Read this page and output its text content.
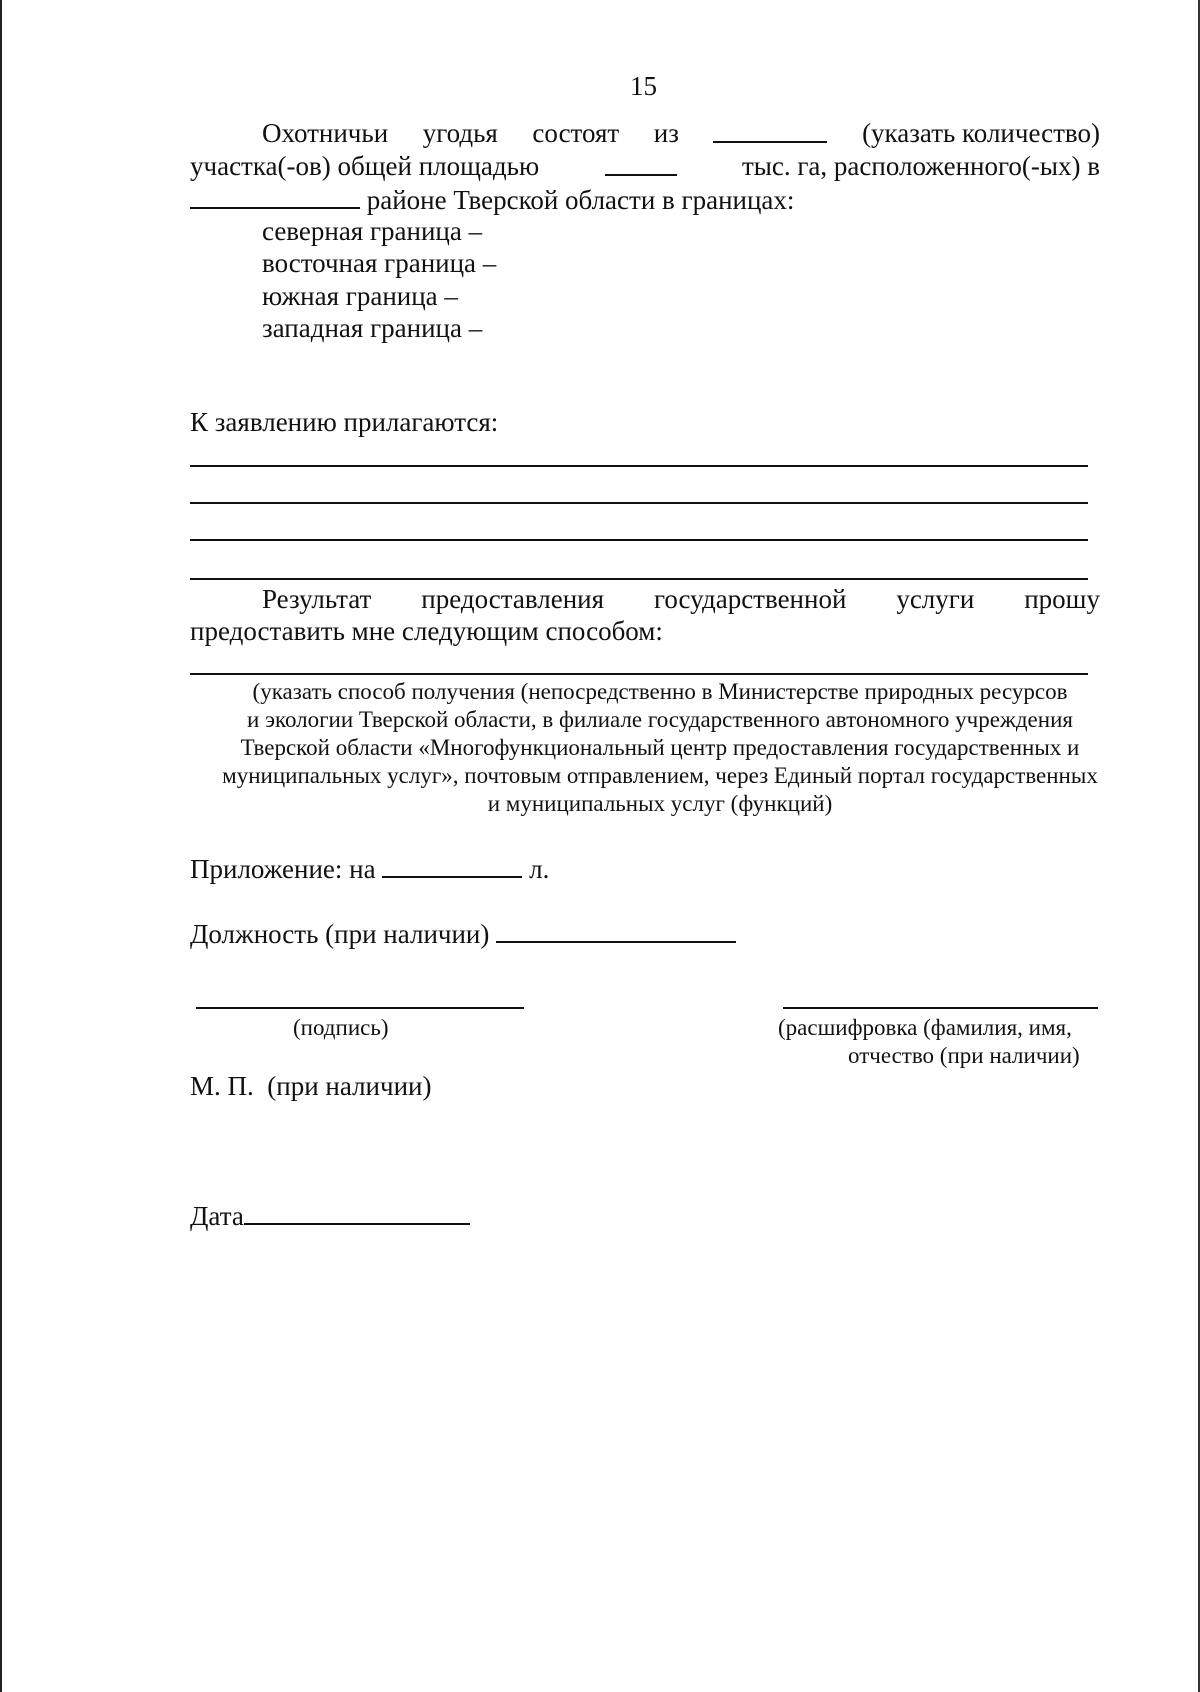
15
Охотничьи угодья состоят из	(указать количество)
участка(-ов) общей площадью	тыс. га, расположенного(-ых) в
районе Тверской области в границах:
северная граница –
восточная граница –
южная граница –
западная граница –
К заявлению прилагаются:
Результат предоставления государственной услуги прошу
предоставить мне следующим способом:
(указать способ получения (непосредственно в Министерстве природных ресурсов
и экологии Тверской области, в филиале государственного автономного учреждения
Тверской области «Многофункциональный центр предоставления государственных и
муниципальных услуг», почтовым отправлением, через Единый портал государственных
и муниципальных услуг (функций)
Приложение: на	л.
Должность (при наличии)
(подпись)	(расшифровка (фамилия, имя,
отчество (при наличии)
М. П.  (при наличии)
Дата
